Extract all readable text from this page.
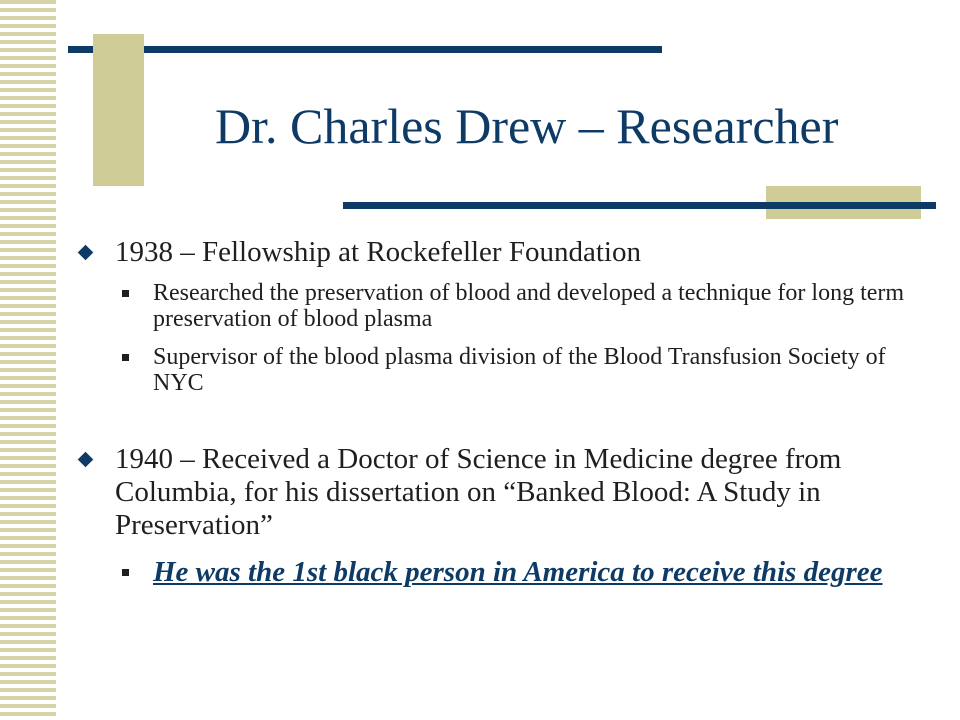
Dr. Charles Drew – Researcher
1938 – Fellowship at Rockefeller Foundation
Researched the preservation of blood and developed a technique for long term preservation of blood plasma
Supervisor of the blood plasma division of the Blood Transfusion Society of NYC
1940 – Received a Doctor of Science in Medicine degree from Columbia, for his dissertation on “Banked Blood: A Study in Preservation”
He was the 1st black person in America to receive this degree
